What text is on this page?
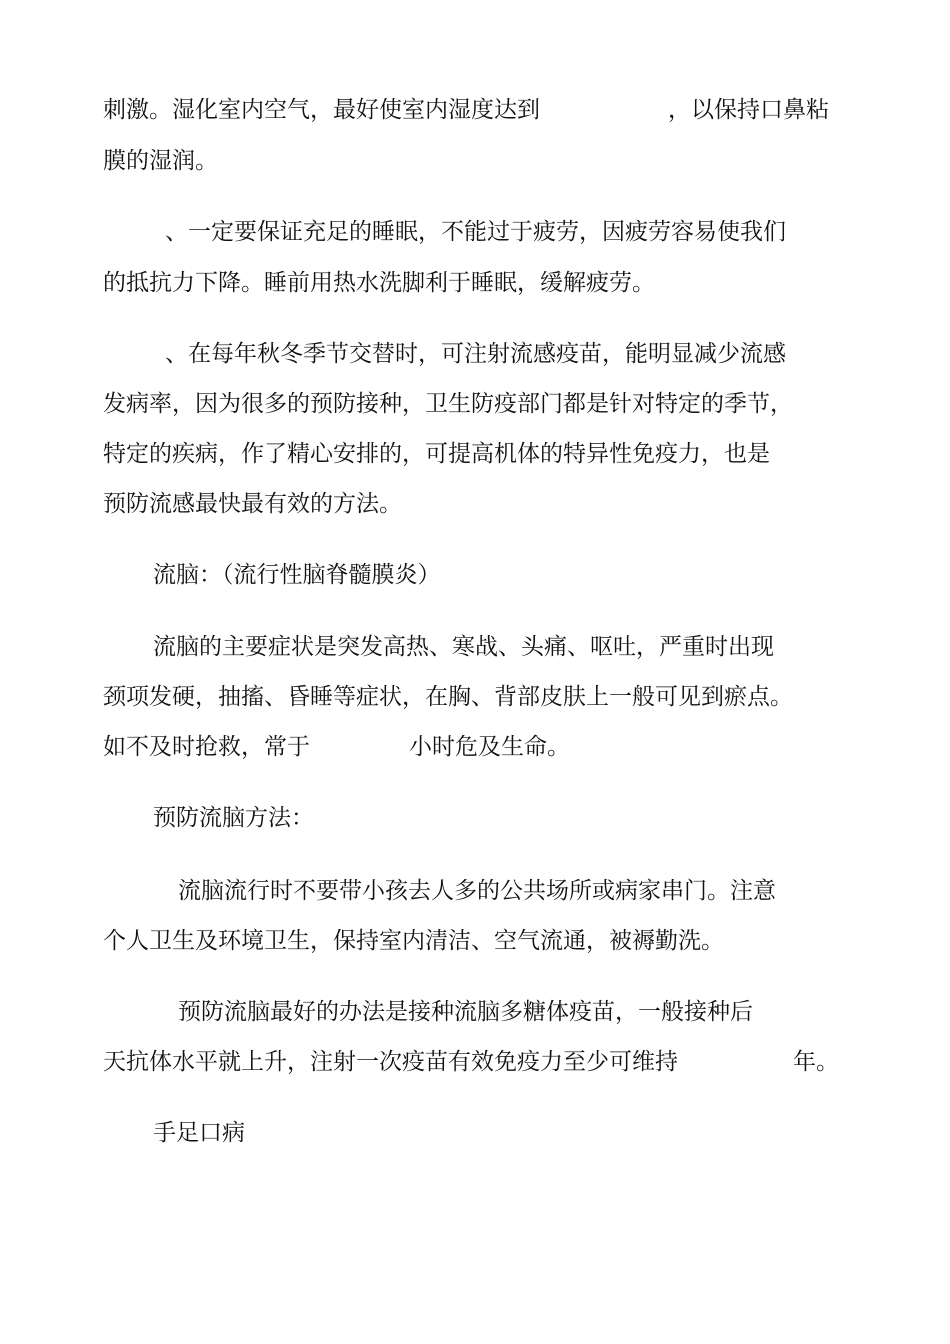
刺激。湿化室内空气，最好使室内湿度达到	，以保持口鼻粘
膜的湿润。
、一定要保证充足的睡眠，不能过于疲劳，因疲劳容易使我们
的抵抗力下降。睡前用热水洗脚利于睡眠，缓解疲劳。
、在每年秋冬季节交替时，可注射流感疫苗，能明显减少流感
发病率，因为很多的预防接种，卫生防疫部门都是针对特定的季节，
特定的疾病，作了精心安排的，可提高机体的特异性免疫力，也是
预防流感最快最有效的方法。
流脑：（流行性脑脊髓膜炎）
流脑的主要症状是突发高热、寒战、头痛、呕吐，严重时出现
颈项发硬，抽搐、昏睡等症状，在胸、背部皮肤上一般可见到瘀点。
如不及时抢救，常于	小时危及生命。
预防流脑方法：
流脑流行时不要带小孩去人多的公共场所或病家串门。注意
个人卫生及环境卫生，保持室内清洁、空气流通，被褥勤洗。
预防流脑最好的办法是接种流脑多糖体疫苗，一般接种后
天抗体水平就上升，注射一次疫苗有效免疫力至少可维持	年。
手足口病
